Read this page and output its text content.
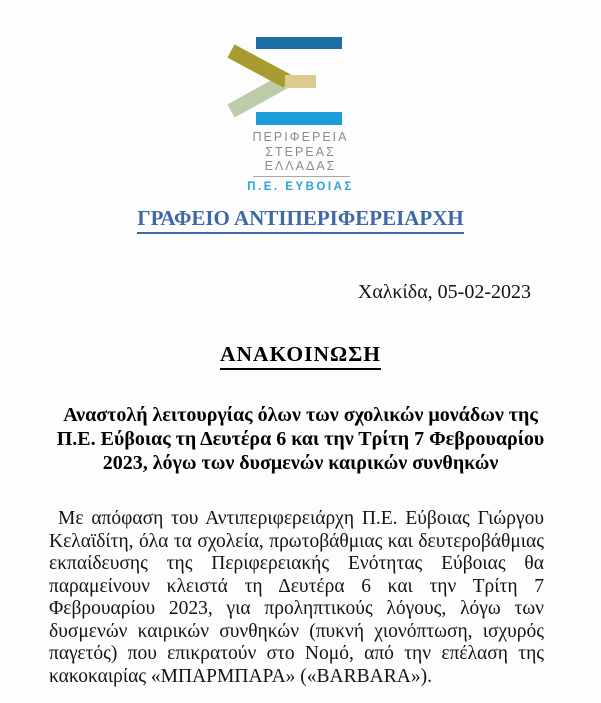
ΠΕΡΙΦΕΡΕΙΑ
ΣΤΕΡΕΑΣ
ΕΛΛΑΔΑΣ
Π.Ε. ΕΥΒΟΙΑΣ
ΓΡΑΦΕΙΟ ΑΝΤΙΠΕΡΙΦΕΡΕΙΑΡΧΗ
Χαλκίδα, 05-02-2023
ΑΝΑΚΟΙΝΩΣΗ
Αναστολή λειτουργίας όλων των σχολικών μονάδων της
Π.Ε. Εύβοιας τη Δευτέρα 6 και την Τρίτη 7 Φεβρουαρίου
2023, λόγω των δυσμενών καιρικών συνθηκών

Με απόφαση του Αντιπεριφερειάρχη Π.Ε. Εύβοιας Γιώργου Κελαϊδίτη, όλα τα σχολεία, πρωτοβάθμιας και δευτεροβάθμιας εκπαίδευσης της Περιφερειακής Ενότητας Εύβοιας θα παραμείνουν κλειστά τη Δευτέρα 6 και την Τρίτη 7 Φεβρουαρίου 2023, για προληπτικούς λόγους, λόγω των δυσμενών καιρικών συνθηκών (πυκνή χιονόπτωση, ισχυρός παγετός) που επικρατούν στο Νομό, από την επέλαση της κακοκαιρίας «ΜΠΑΡΜΠΑΡΑ» («BARBARA»).
